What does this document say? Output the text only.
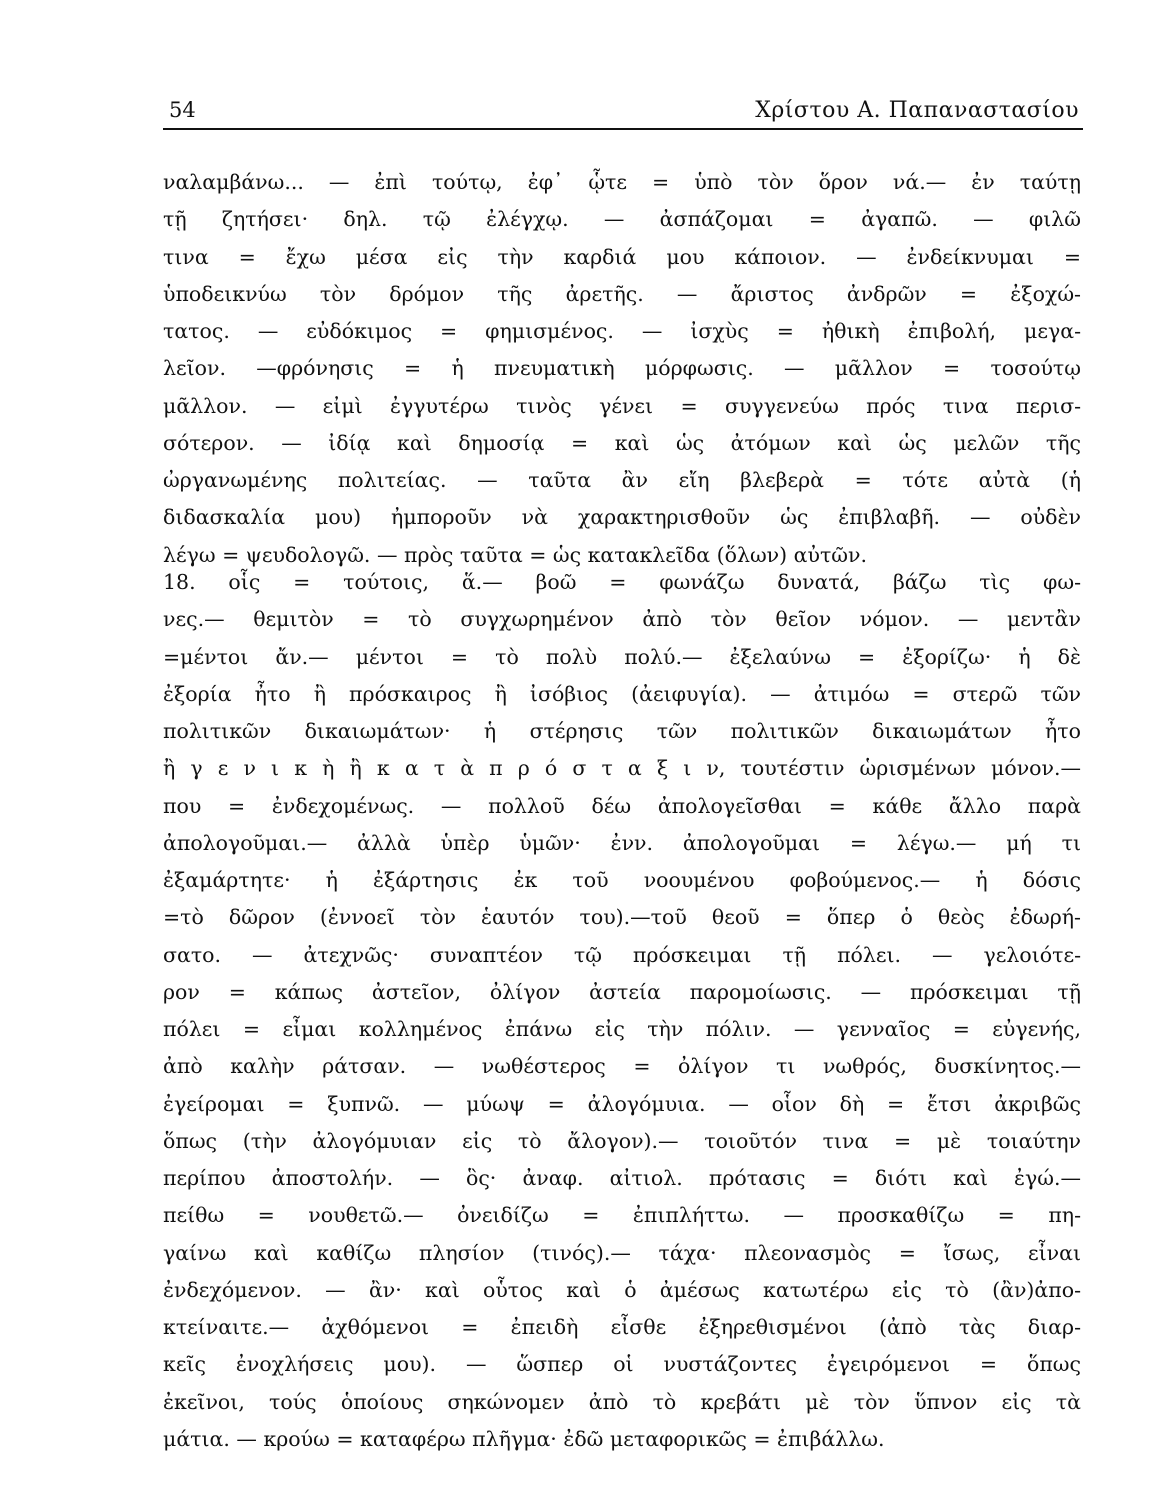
54	Χρίστου Α. Παπαναστασίου
ναλαμβάνω... — ἐπὶ τούτῳ, ἐφ᾿ ᾧτε = ὑπὸ τὸν ὅρον νά.— ἐν ταύτῃ
τῇ ζητήσει· δηλ. τῷ ἐλέγχῳ. — ἀσπάζομαι = ἀγαπῶ. — φιλῶ
τινα = ἔχω μέσα εἰς τὴν καρδιά μου κάποιον. — ἐνδείκνυμαι =
ὑποδεικνύω τὸν δρόμον τῆς ἀρετῆς. — ἄριστος ἀνδρῶν = ἐξοχώ-
τατος. — εὐδόκιμος = φημισμένος. — ἰσχὺς = ἠθικὴ ἐπιβολή, μεγα-
λεῖον. —φρόνησις = ἡ πνευματικὴ μόρφωσις. — μᾶλλον = τοσούτῳ
μᾶλλον. — εἰμὶ ἐγγυτέρω τινὸς γένει = συγγενεύω πρός τινα περισ-
σότερον. — ἰδίᾳ καὶ δημοσίᾳ = καὶ ὡς ἀτόμων καὶ ὡς μελῶν τῆς
ὠργανωμένης πολιτείας. — ταῦτα ἂν εἴη βλεβερὰ = τότε αὐτὰ (ἡ
διδασκαλία μου) ἠμποροῦν νὰ χαρακτηρισθοῦν ὡς ἐπιβλαβῆ. — οὐδὲν
λέγω = ψευδολογῶ. — πρὸς ταῦτα = ὡς κατακλεῖδα (ὅλων) αὐτῶν.
18. οἷς = τούτοις, ἅ.— βοῶ = φωνάζω δυνατά, βάζω τὶς φω-
νες.— θεμιτὸν = τὸ συγχωρημένον ἀπὸ τὸν θεῖον νόμον. — μεντἂν
=μέντοι ἄν.— μέντοι = τὸ πολὺ πολύ.— ἐξελαύνω = ἐξορίζω· ἡ δὲ
ἐξορία ἦτο ἢ πρόσκαιρος ἢ ἰσόβιος (ἀειφυγία). — ἀτιμόω = στερῶ τῶν
πολιτικῶν δικαιωμάτων· ἡ στέρησις τῶν πολιτικῶν δικαιωμάτων ἦτο
ἢ γ ε ν ι κ ὴ ἢ κ α τ ὰ π ρ ό σ τ α ξ ι ν, τουτέστιν ὡρισμένων μόνον.—
που = ἐνδεχομένως. — πολλοῦ δέω ἀπολογεῖσθαι = κάθε ἄλλο παρὰ
ἀπολογοῦμαι.— ἀλλὰ ὑπὲρ ὑμῶν· ἐνν. ἀπολογοῦμαι = λέγω.— μή τι
ἐξαμάρτητε· ἡ ἐξάρτησις ἐκ τοῦ νοουμένου φοβούμενος.— ἡ δόσις
=τὸ δῶρον (ἐννοεῖ τὸν ἑαυτόν του).—τοῦ θεοῦ = ὅπερ ὁ θεὸς ἐδωρή-
σατο. — ἀτεχνῶς· συναπτέον τῷ πρόσκειμαι τῇ πόλει. — γελοιότε-
ρον = κάπως ἀστεῖον, ὀλίγον ἀστεία παρομοίωσις. — πρόσκειμαι τῇ
πόλει = εἶμαι κολλημένος ἐπάνω εἰς τὴν πόλιν. — γενναῖος = εὐγενής,
ἀπὸ καλὴν ράτσαν. — νωθέστερος = ὀλίγον τι νωθρός, δυσκίνητος.—
ἐγείρομαι = ξυπνῶ. — μύωψ = ἀλογόμυια. — οἷον δὴ = ἔτσι ἀκριβῶς
ὅπως (τὴν ἀλογόμυιαν εἰς τὸ ἄλογον).— τοιοῦτόν τινα = μὲ τοιαύτην
περίπου ἀποστολήν. — ὃς· ἀναφ. αἰτιολ. πρότασις = διότι καὶ ἐγώ.—
πείθω = νουθετῶ.— ὀνειδίζω = ἐπιπλήττω. — προσκαθίζω = πη-
γαίνω καὶ καθίζω πλησίον (τινός).— τάχα· πλεονασμὸς = ἴσως, εἶναι
ἐνδεχόμενον. — ἂν· καὶ οὗτος καὶ ὁ ἀμέσως κατωτέρω εἰς τὸ (ἂν)ἀπο-
κτείναιτε.— ἀχθόμενοι = ἐπειδὴ εἶσθε ἐξηρεθισμένοι (ἀπὸ τὰς διαρ-
κεῖς ἐνοχλήσεις μου). — ὥσπερ οἱ νυστάζοντες ἐγειρόμενοι = ὅπως
ἐκεῖνοι, τούς ὁποίους σηκώνομεν ἀπὸ τὸ κρεβάτι μὲ τὸν ὕπνον εἰς τὰ
μάτια. — κρούω = καταφέρω πλῆγμα· ἐδῶ μεταφορικῶς = ἐπιβάλλω.
